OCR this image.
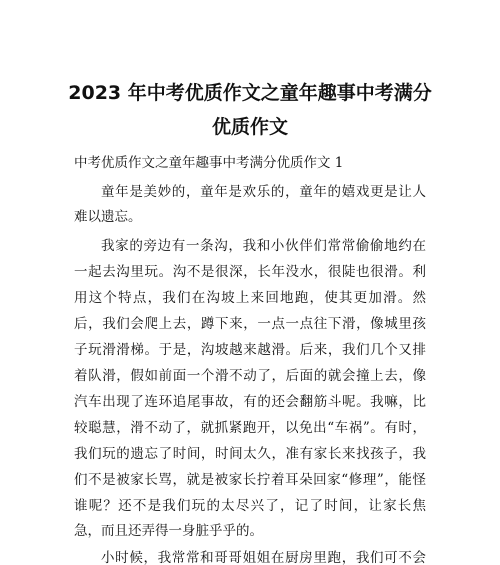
2023 年中考优质作文之童年趣事中考满分
优质作文

中考优质作文之童年趣事中考满分优质作文 1

童年是美妙的，童年是欢乐的，童年的嬉戏更是让人

难以遗忘。

我家的旁边有一条沟，我和小伙伴们常常偷偷地约在

一起去沟里玩。沟不是很深，长年没水，很陡也很滑。利

用这个特点，我们在沟坡上来回地跑，使其更加滑。然

后，我们会爬上去，蹲下来，一点一点往下滑，像城里孩

子玩滑滑梯。于是，沟坡越来越滑。后来，我们几个又排

着队滑，假如前面一个滑不动了，后面的就会撞上去，像

汽车出现了连环追尾事故，有的还会翻筋斗呢。我嘛，比

较聪慧，滑不动了，就抓紧跑开，以免出“车祸”。有时，

我们玩的遗忘了时间，时间太久，准有家长来找孩子，我

们不是被家长骂，就是被家长拧着耳朵回家“修理”，能怪

谁呢？还不是我们玩的太尽兴了，记了时间，让家长焦

急，而且还弄得一身脏乎乎的。

小时候，我常常和哥哥姐姐在厨房里跑，我们可不会
